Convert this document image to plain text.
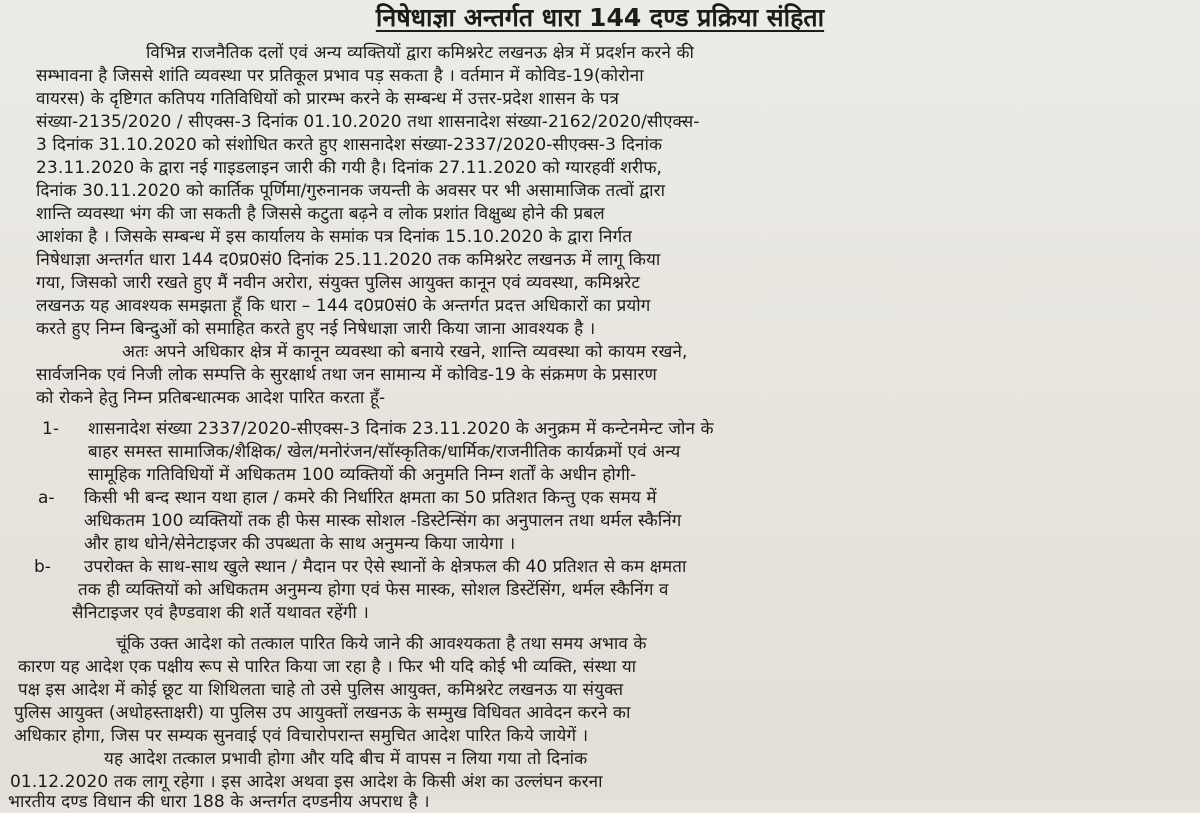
निषेधाज्ञा अन्तर्गत धारा 144 दण्ड प्रक्रिया संहिता
विभिन्न राजनैतिक दलों एवं अन्य व्यक्तियों द्वारा कमिश्नरेट लखनऊ क्षेत्र में प्रदर्शन करने की
सम्भावना है जिससे शांति व्यवस्था पर प्रतिकूल प्रभाव पड़ सकता है । वर्तमान में कोविड-19(कोरोना
वायरस) के दृष्टिगत कतिपय गतिविधियों को प्रारम्भ करने के सम्बन्ध में उत्तर-प्रदेश शासन के पत्र
संख्या-2135/2020 / सीएक्स-3 दिनांक 01.10.2020 तथा शासनादेश संख्या-2162/2020/सीएक्स-
3 दिनांक 31.10.2020 को संशोधित करते हुए शासनादेश संख्या-2337/2020-सीएक्स-3 दिनांक
23.11.2020 के द्वारा नई गाइडलाइन जारी की गयी है। दिनांक 27.11.2020 को ग्यारहवीं शरीफ,
दिनांक 30.11.2020 को कार्तिक पूर्णिमा/गुरुनानक जयन्ती के अवसर पर भी असामाजिक तत्वों द्वारा
शान्ति व्यवस्था भंग की जा सकती है जिससे कटुता बढ़ने व लोक प्रशांत विक्षुब्ध होने की प्रबल
आशंका है । जिसके सम्बन्ध में इस कार्यालय के समांक पत्र दिनांक 15.10.2020 के द्वारा निर्गत
निषेधाज्ञा अन्तर्गत धारा 144 द0प्र0सं0 दिनांक 25.11.2020 तक कमिश्नरेट लखनऊ में लागू किया
गया, जिसको जारी रखते हुए मैं नवीन अरोरा, संयुक्त पुलिस आयुक्त कानून एवं व्यवस्था, कमिश्नरेट
लखनऊ यह आवश्यक समझता हूँ कि धारा – 144 द0प्र0सं0 के अन्तर्गत प्रदत्त अधिकारों का प्रयोग
करते हुए निम्न बिन्दुओं को समाहित करते हुए नई निषेधाज्ञा जारी किया जाना आवश्यक है ।
अतः अपने अधिकार क्षेत्र में कानून व्यवस्था को बनाये रखने, शान्ति व्यवस्था को कायम रखने,
सार्वजनिक एवं निजी लोक सम्पत्ति के सुरक्षार्थ तथा जन सामान्य में कोविड-19 के संक्रमण के प्रसारण
को रोकने हेतु निम्न प्रतिबन्धात्मक आदेश पारित करता हूँ-
1- शासनादेश संख्या 2337/2020-सीएक्स-3 दिनांक 23.11.2020 के अनुक्रम में कन्टेनमेन्ट जोन के
बाहर समस्त सामाजिक/शैक्षिक/ खेल/मनोरंजन/सॉस्कृतिक/धार्मिक/राजनीतिक कार्यक्रमों एवं अन्य
सामूहिक गतिविधियों में अधिकतम 100 व्यक्तियों की अनुमति निम्न शर्तों के अधीन होगी-
a- किसी भी बन्द स्थान यथा हाल / कमरे की निर्धारित क्षमता का 50 प्रतिशत किन्तु एक समय में
अधिकतम 100 व्यक्तियों तक ही फेस मास्क सोशल -डिस्टेन्सिंग का अनुपालन तथा थर्मल स्कैनिंग
और हाथ धोने/सेनेटाइजर की उपब्धता के साथ अनुमन्य किया जायेगा ।
b- उपरोक्त के साथ-साथ खुले स्थान / मैदान पर ऐसे स्थानों के क्षेत्रफल की 40 प्रतिशत से कम क्षमता
तक ही व्यक्तियों को अधिकतम अनुमन्य होगा एवं फेस मास्क, सोशल डिस्टेंसिंग, थर्मल स्कैनिंग व
सैनिटाइजर एवं हैण्डवाश की शर्ते यथावत रहेंगी ।
चूंकि उक्त आदेश को तत्काल पारित किये जाने की आवश्यकता है तथा समय अभाव के
कारण यह आदेश एक पक्षीय रूप से पारित किया जा रहा है । फिर भी यदि कोई भी व्यक्ति, संस्था या
पक्ष इस आदेश में कोई छूट या शिथिलता चाहे तो उसे पुलिस आयुक्त, कमिश्नरेट लखनऊ या संयुक्त
पुलिस आयुक्त (अधोहस्ताक्षरी) या पुलिस उप आयुक्तों लखनऊ के सम्मुख विधिवत आवेदन करने का
अधिकार होगा, जिस पर सम्यक सुनवाई एवं विचारोपरान्त समुचित आदेश पारित किये जायेगें ।
यह आदेश तत्काल प्रभावी होगा और यदि बीच में वापस न लिया गया तो दिनांक
01.12.2020 तक लागू रहेगा । इस आदेश अथवा इस आदेश के किसी अंश का उल्लंघन करना
भारतीय दण्ड विधान की धारा 188 के अन्तर्गत दण्डनीय अपराध है ।
